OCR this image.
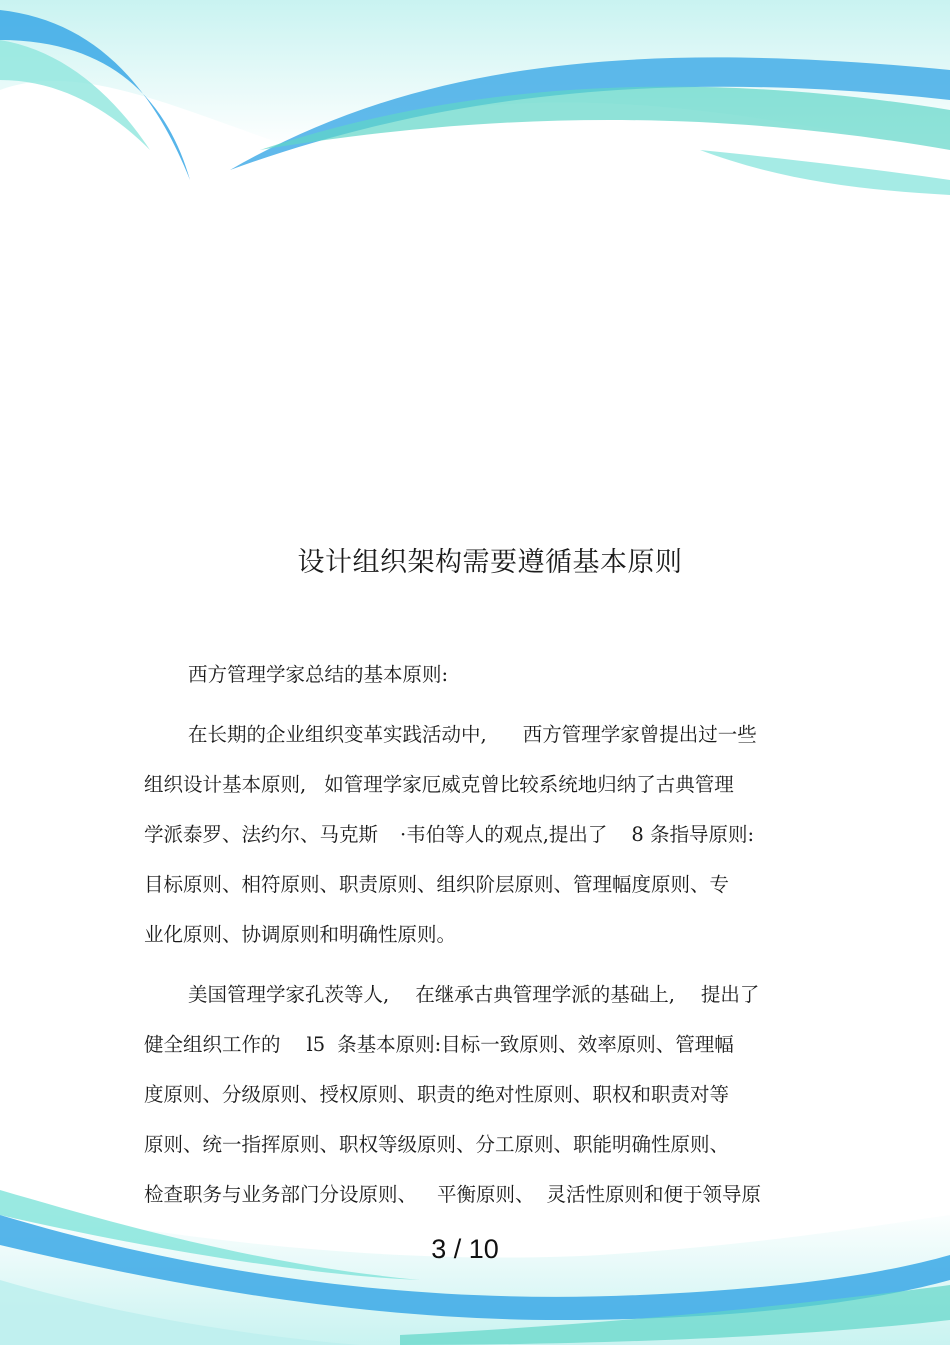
设计组织架构需要遵循基本原则
西方管理学家总结的基本原则:
在长期的企业组织变革实践活动中, 西方管理学家曾提出过一些
组织设计基本原则, 如管理学家厄威克曾比较系统地归纳了古典管理
学派泰罗、法约尔、马克斯 ·韦伯等人的观点,提出了 8 条指导原则:
目标原则、相符原则、职责原则、组织阶层原则、管理幅度原则、专
业化原则、协调原则和明确性原则。
美国管理学家孔茨等人, 在继承古典管理学派的基础上, 提出了
健全组织工作的 l5 条基本原则:目标一致原则、效率原则、管理幅
度原则、分级原则、授权原则、职责的绝对性原则、职权和职责对等
原则、统一指挥原则、职权等级原则、分工原则、职能明确性原则、
检查职务与业务部门分设原则、 平衡原则、 灵活性原则和便于领导原
3 / 10
